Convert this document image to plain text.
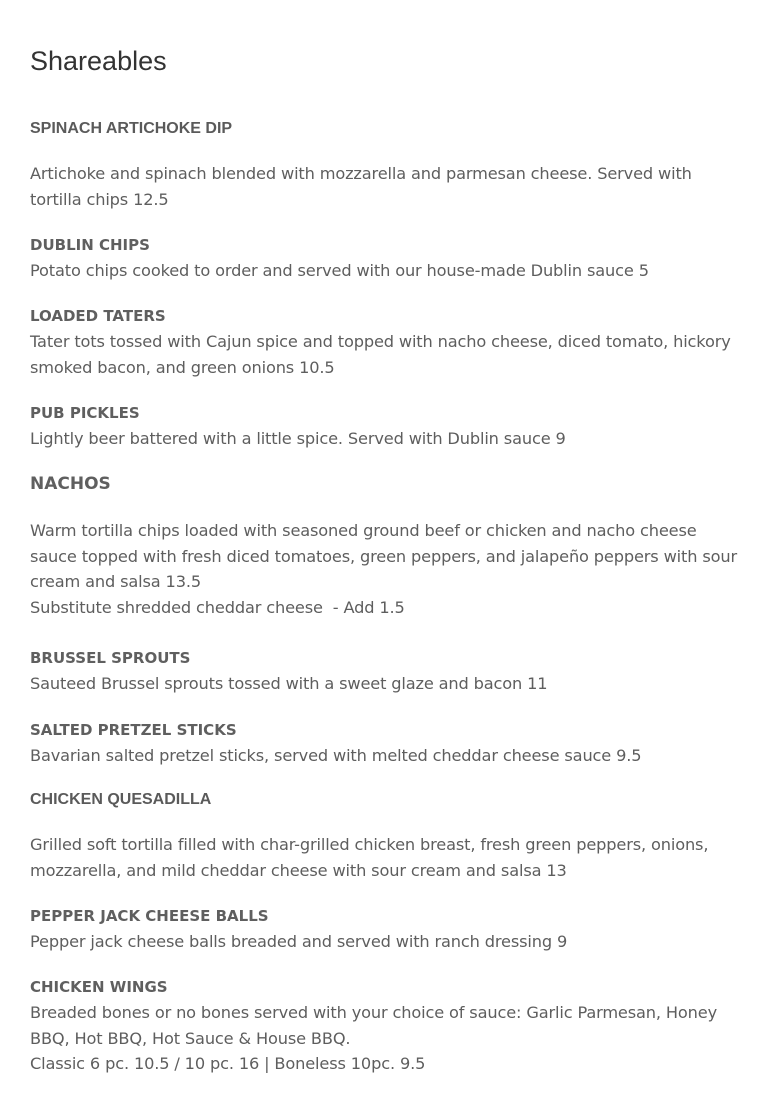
Shareables
SPINACH ARTICHOKE DIP
Artichoke and spinach blended with mozzarella and parmesan cheese. Served with tortilla chips 12.5
DUBLIN CHIPS
Potato chips cooked to order and served with our house-made Dublin sauce 5
LOADED TATERS
Tater tots tossed with Cajun spice and topped with nacho cheese, diced tomato, hickory smoked bacon, and green onions 10.5
PUB PICKLES
Lightly beer battered with a little spice. Served with Dublin sauce 9
NACHOS
Warm tortilla chips loaded with seasoned ground beef or chicken and nacho cheese sauce topped with fresh diced tomatoes, green peppers, and jalapeño peppers with sour cream and salsa 13.5
Substitute shredded cheddar cheese  - Add 1.5
BRUSSEL SPROUTS
Sauteed Brussel sprouts tossed with a sweet glaze and bacon 11
SALTED PRETZEL STICKS
Bavarian salted pretzel sticks, served with melted cheddar cheese sauce 9.5
CHICKEN QUESADILLA
Grilled soft tortilla filled with char-grilled chicken breast, fresh green peppers, onions, mozzarella, and mild cheddar cheese with sour cream and salsa 13
PEPPER JACK CHEESE BALLS
Pepper jack cheese balls breaded and served with ranch dressing 9
CHICKEN WINGS
Breaded bones or no bones served with your choice of sauce: Garlic Parmesan, Honey BBQ, Hot BBQ, Hot Sauce & House BBQ.
Classic 6 pc. 10.5 / 10 pc. 16 | Boneless 10pc. 9.5
